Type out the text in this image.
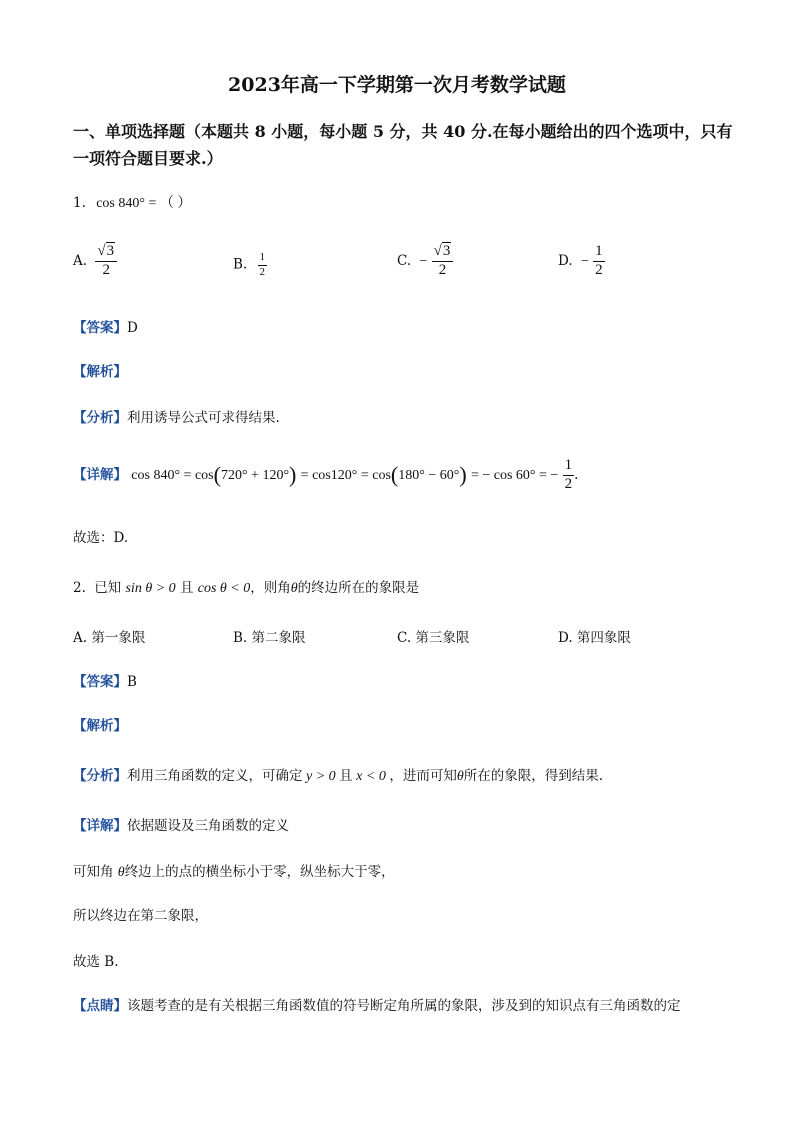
2023年高一下学期第一次月考数学试题
一、单项选择题（本题共 8 小题，每小题 5 分，共 40 分.在每小题给出的四个选项中，只有
一项符合题目要求.）
1. cos 840° = （ ）
A. $\frac{√3}{2}$	B. $\frac{1}{2}$	C. − $\frac{√3}{2}$	D. − $\frac{1}{2}$
【答案】D
【解析】
【分析】利用诱导公式可求得结果.
【详解】 cos 840° = cos(720° + 120°) = cos120° = cos(180° − 60°) = − cos 60° = − $\frac{1}{2}$ .
故选：D.
2. 已知 sin θ > 0 且 cos θ < 0，则角θ的终边所在的象限是
A. 第一象限	B. 第二象限	C. 第三象限	D. 第四象限
【答案】B
【解析】
【分析】利用三角函数的定义，可确定 y > 0 且 x < 0 ，进而可知θ所在的象限，得到结果.
【详解】依据题设及三角函数的定义
可知角 θ终边上的点的横坐标小于零，纵坐标大于零，
所以终边在第二象限，
故选 B.
【点睛】该题考查的是有关根据三角函数值的符号断定角所属的象限，涉及到的知识点有三角函数的定
